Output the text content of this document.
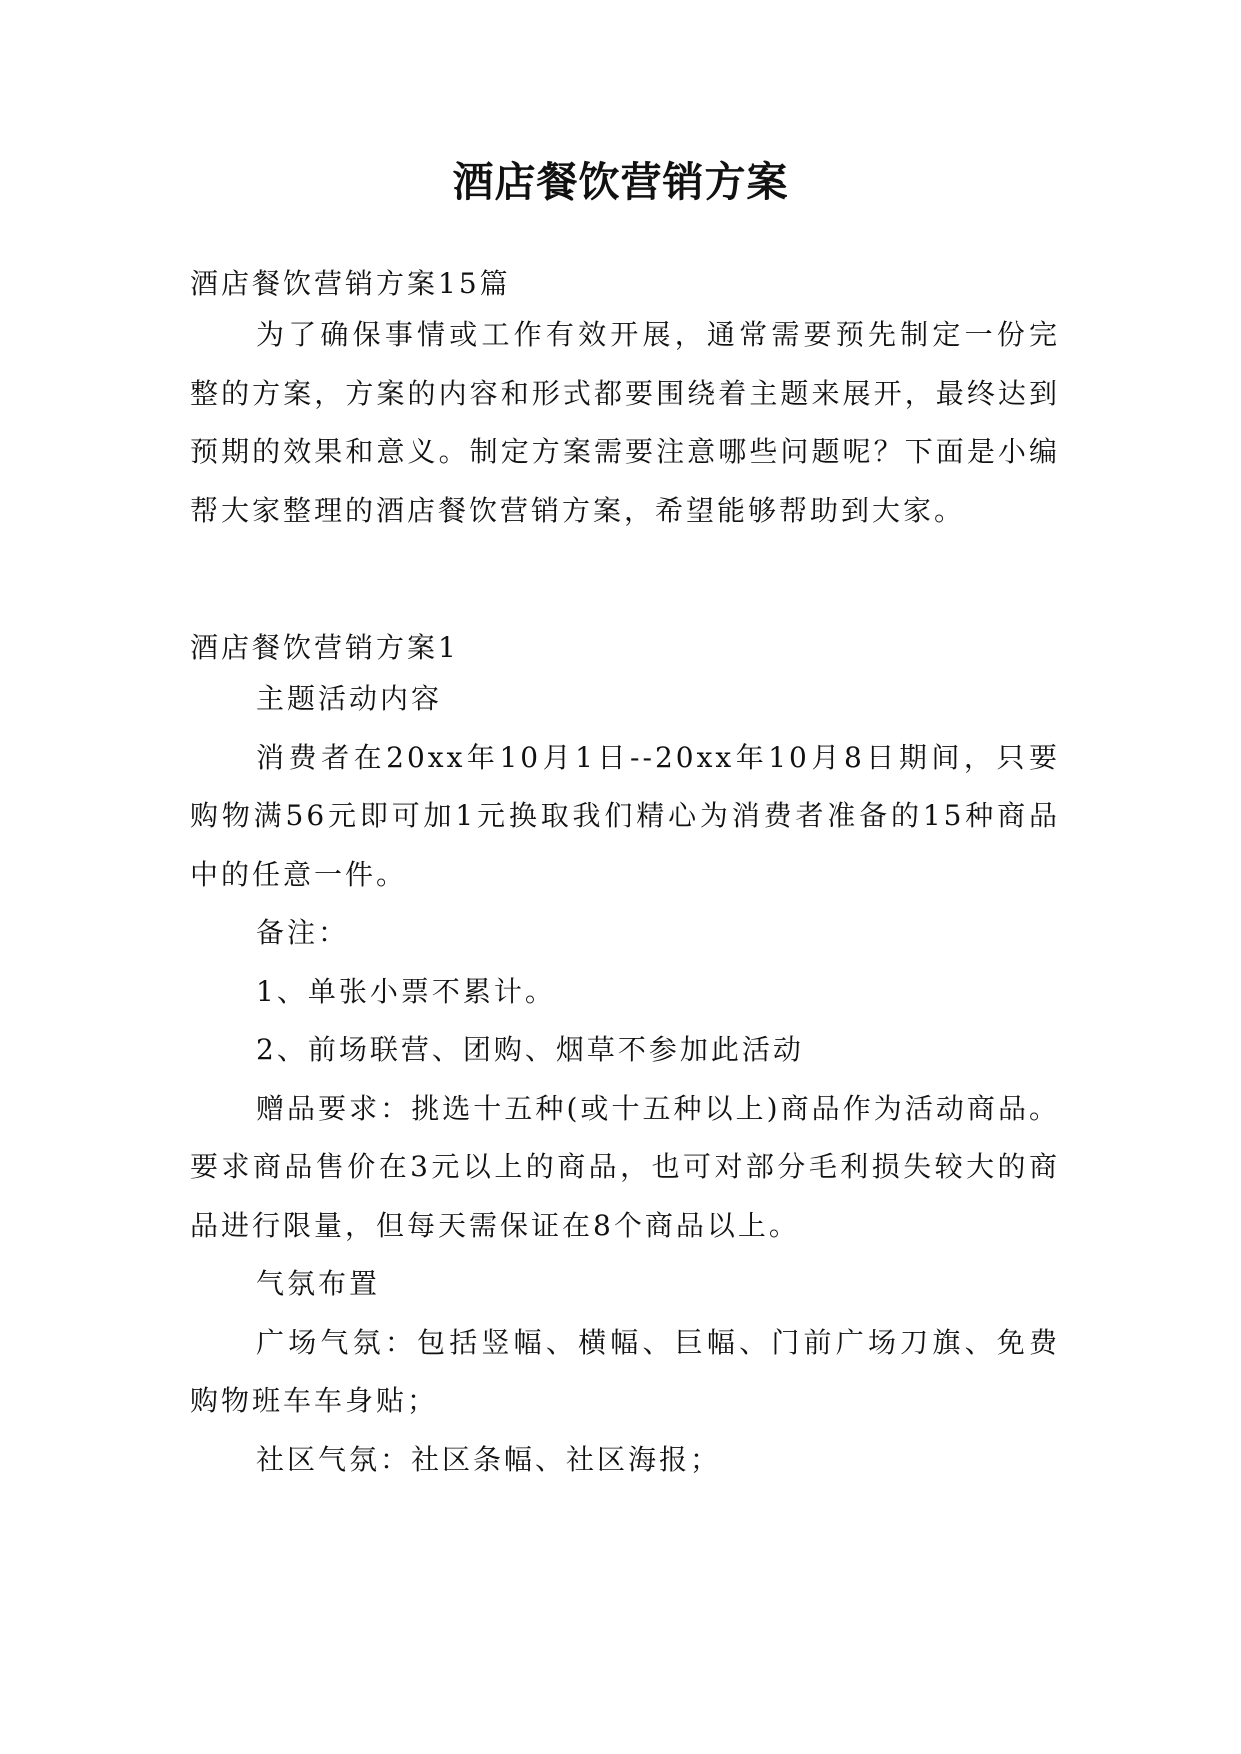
酒店餐饮营销方案
酒店餐饮营销方案15篇

为了确保事情或工作有效开展，通常需要预先制定一份完整的方案，方案的内容和形式都要围绕着主题来展开，最终达到预期的效果和意义。制定方案需要注意哪些问题呢？下面是小编帮大家整理的酒店餐饮营销方案，希望能够帮助到大家。

酒店餐饮营销方案1

主题活动内容

消费者在20xx年10月1日--20xx年10月8日期间，只要购物满56元即可加1元换取我们精心为消费者准备的15种商品中的任意一件。

备注：

1、单张小票不累计。

2、前场联营、团购、烟草不参加此活动

赠品要求：挑选十五种(或十五种以上)商品作为活动商品。要求商品售价在3元以上的商品，也可对部分毛利损失较大的商品进行限量，但每天需保证在8个商品以上。

气氛布置

广场气氛：包括竖幅、横幅、巨幅、门前广场刀旗、免费购物班车车身贴；

社区气氛：社区条幅、社区海报；
